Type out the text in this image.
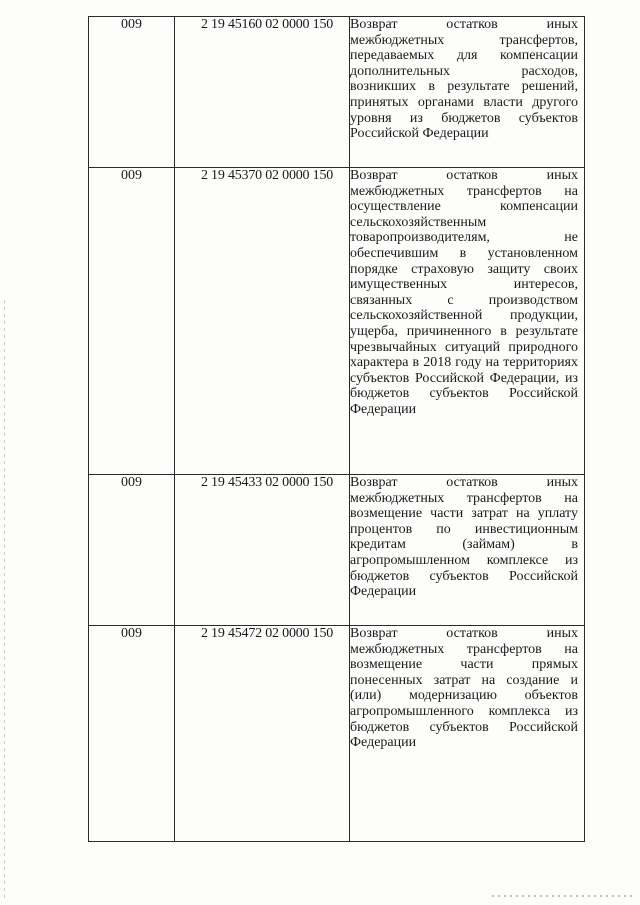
009	2 19 45160 02 0000 150	Возврат остатков иных межбюджетных трансфертов, передаваемых для компенсации дополнительных расходов, возникших в результате решений, принятых органами власти другого уровня из бюджетов субъектов Российской Федерации

009	2 19 45370 02 0000 150	Возврат остатков иных межбюджетных трансфертов на осуществление компенсации сельскохозяйственным товаропроизводителям, не обеспечившим в установленном порядке страховую защиту своих имущественных интересов, связанных с производством сельскохозяйственной продукции, ущерба, причиненного в результате чрезвычайных ситуаций природного характера в 2018 году на территориях субъектов Российской Федерации, из бюджетов субъектов Российской Федерации

009	2 19 45433 02 0000 150	Возврат остатков иных межбюджетных трансфертов на возмещение части затрат на уплату процентов по инвестиционным кредитам (займам) в агропромышленном комплексе из бюджетов субъектов Российской Федерации

009	2 19 45472 02 0000 150	Возврат остатков иных межбюджетных трансфертов на возмещение части прямых понесенных затрат на создание и (или) модернизацию объектов агропромышленного комплекса из бюджетов субъектов Российской Федерации
